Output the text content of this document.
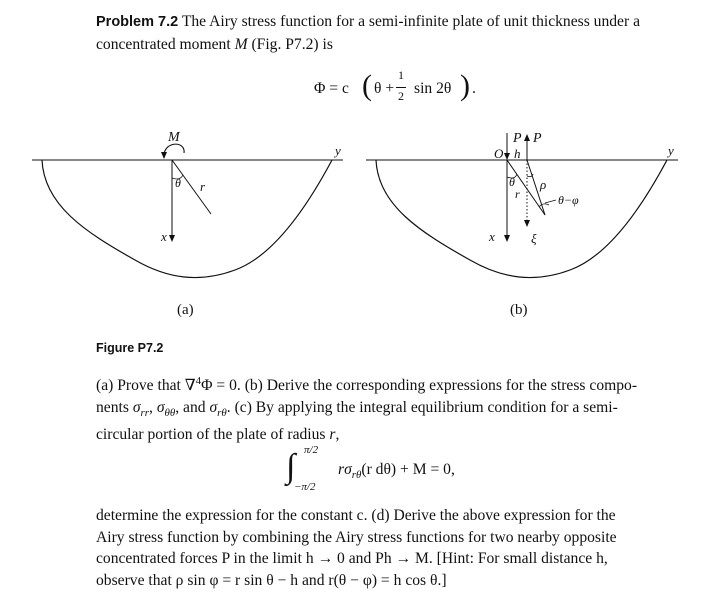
Problem 7.2 The Airy stress function for a semi-infinite plate of unit thickness under a
concentrated moment M (Fig. P7.2) is
Φ = c ( θ +
1
2 sin 2θ ) .
M
θ r
x
y
(a)
P P
O h
θ
r
ρ
θ−φ
x	ξ
y
(b)
Figure P7.2
(a) Prove that ∇$^4$Φ = 0. (b) Derive the corresponding expressions for the stress compo-
nents $\sigma_{rr}$, $\sigma_{\theta\theta}$, and $\sigma_{r\theta}$. (c) By applying the integral equilibrium condition for a semi-
circular portion of the plate of radius r,
∫ π/2
−π/2
$r\sigma_{r\theta}(r$ dθ) + M = 0,
determine the expression for the constant c. (d) Derive the above expression for the
Airy stress function by combining the Airy stress functions for two nearby opposite
concentrated forces P in the limit h → 0 and Ph → M. [Hint: For small distance h,
observe that ρ sin φ = r sin θ − h and r(θ − φ) = h cos θ.]
